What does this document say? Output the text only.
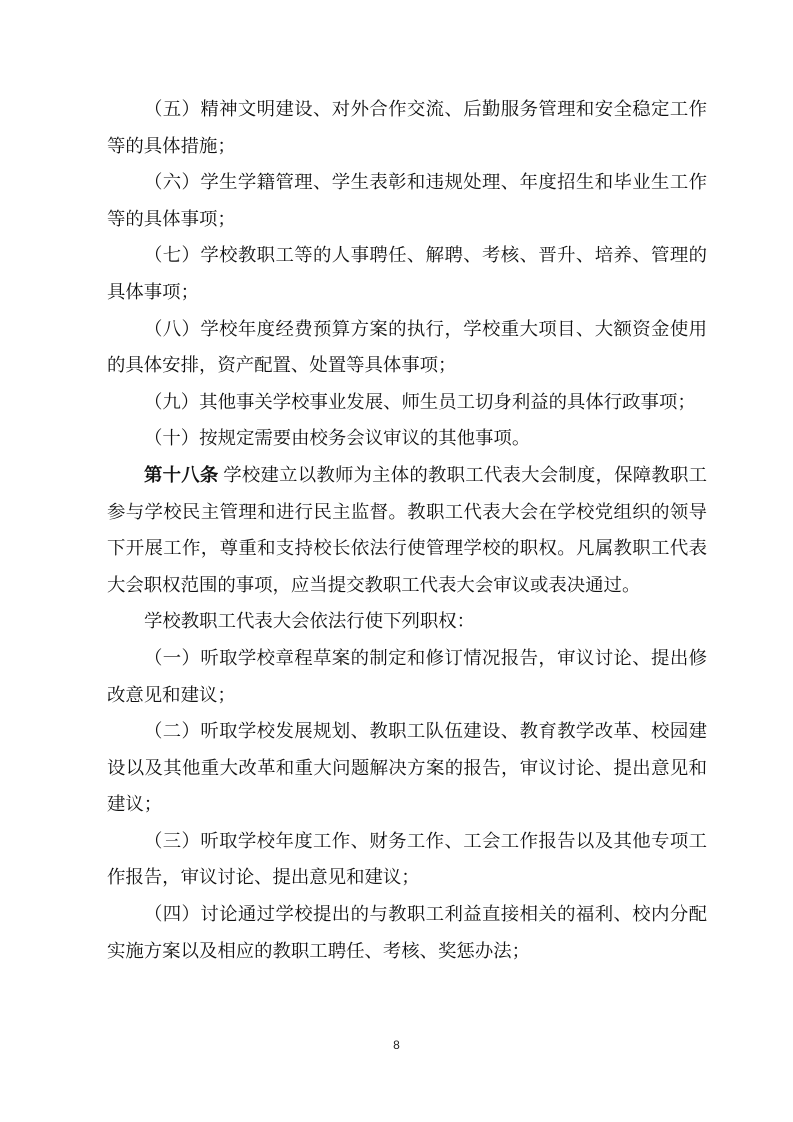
（五）精神文明建设、对外合作交流、后勤服务管理和安全稳定工作等的具体措施；

（六）学生学籍管理、学生表彰和违规处理、年度招生和毕业生工作等的具体事项；

（七）学校教职工等的人事聘任、解聘、考核、晋升、培养、管理的具体事项；

（八）学校年度经费预算方案的执行，学校重大项目、大额资金使用的具体安排，资产配置、处置等具体事项；

（九）其他事关学校事业发展、师生员工切身利益的具体行政事项；

（十）按规定需要由校务会议审议的其他事项。

第十八条  学校建立以教师为主体的教职工代表大会制度，保障教职工参与学校民主管理和进行民主监督。教职工代表大会在学校党组织的领导下开展工作，尊重和支持校长依法行使管理学校的职权。凡属教职工代表大会职权范围的事项，应当提交教职工代表大会审议或表决通过。

学校教职工代表大会依法行使下列职权：

（一）听取学校章程草案的制定和修订情况报告，审议讨论、提出修改意见和建议；

（二）听取学校发展规划、教职工队伍建设、教育教学改革、校园建设以及其他重大改革和重大问题解决方案的报告，审议讨论、提出意见和建议；

（三）听取学校年度工作、财务工作、工会工作报告以及其他专项工作报告，审议讨论、提出意见和建议；

（四）讨论通过学校提出的与教职工利益直接相关的福利、校内分配实施方案以及相应的教职工聘任、考核、奖惩办法；

8
